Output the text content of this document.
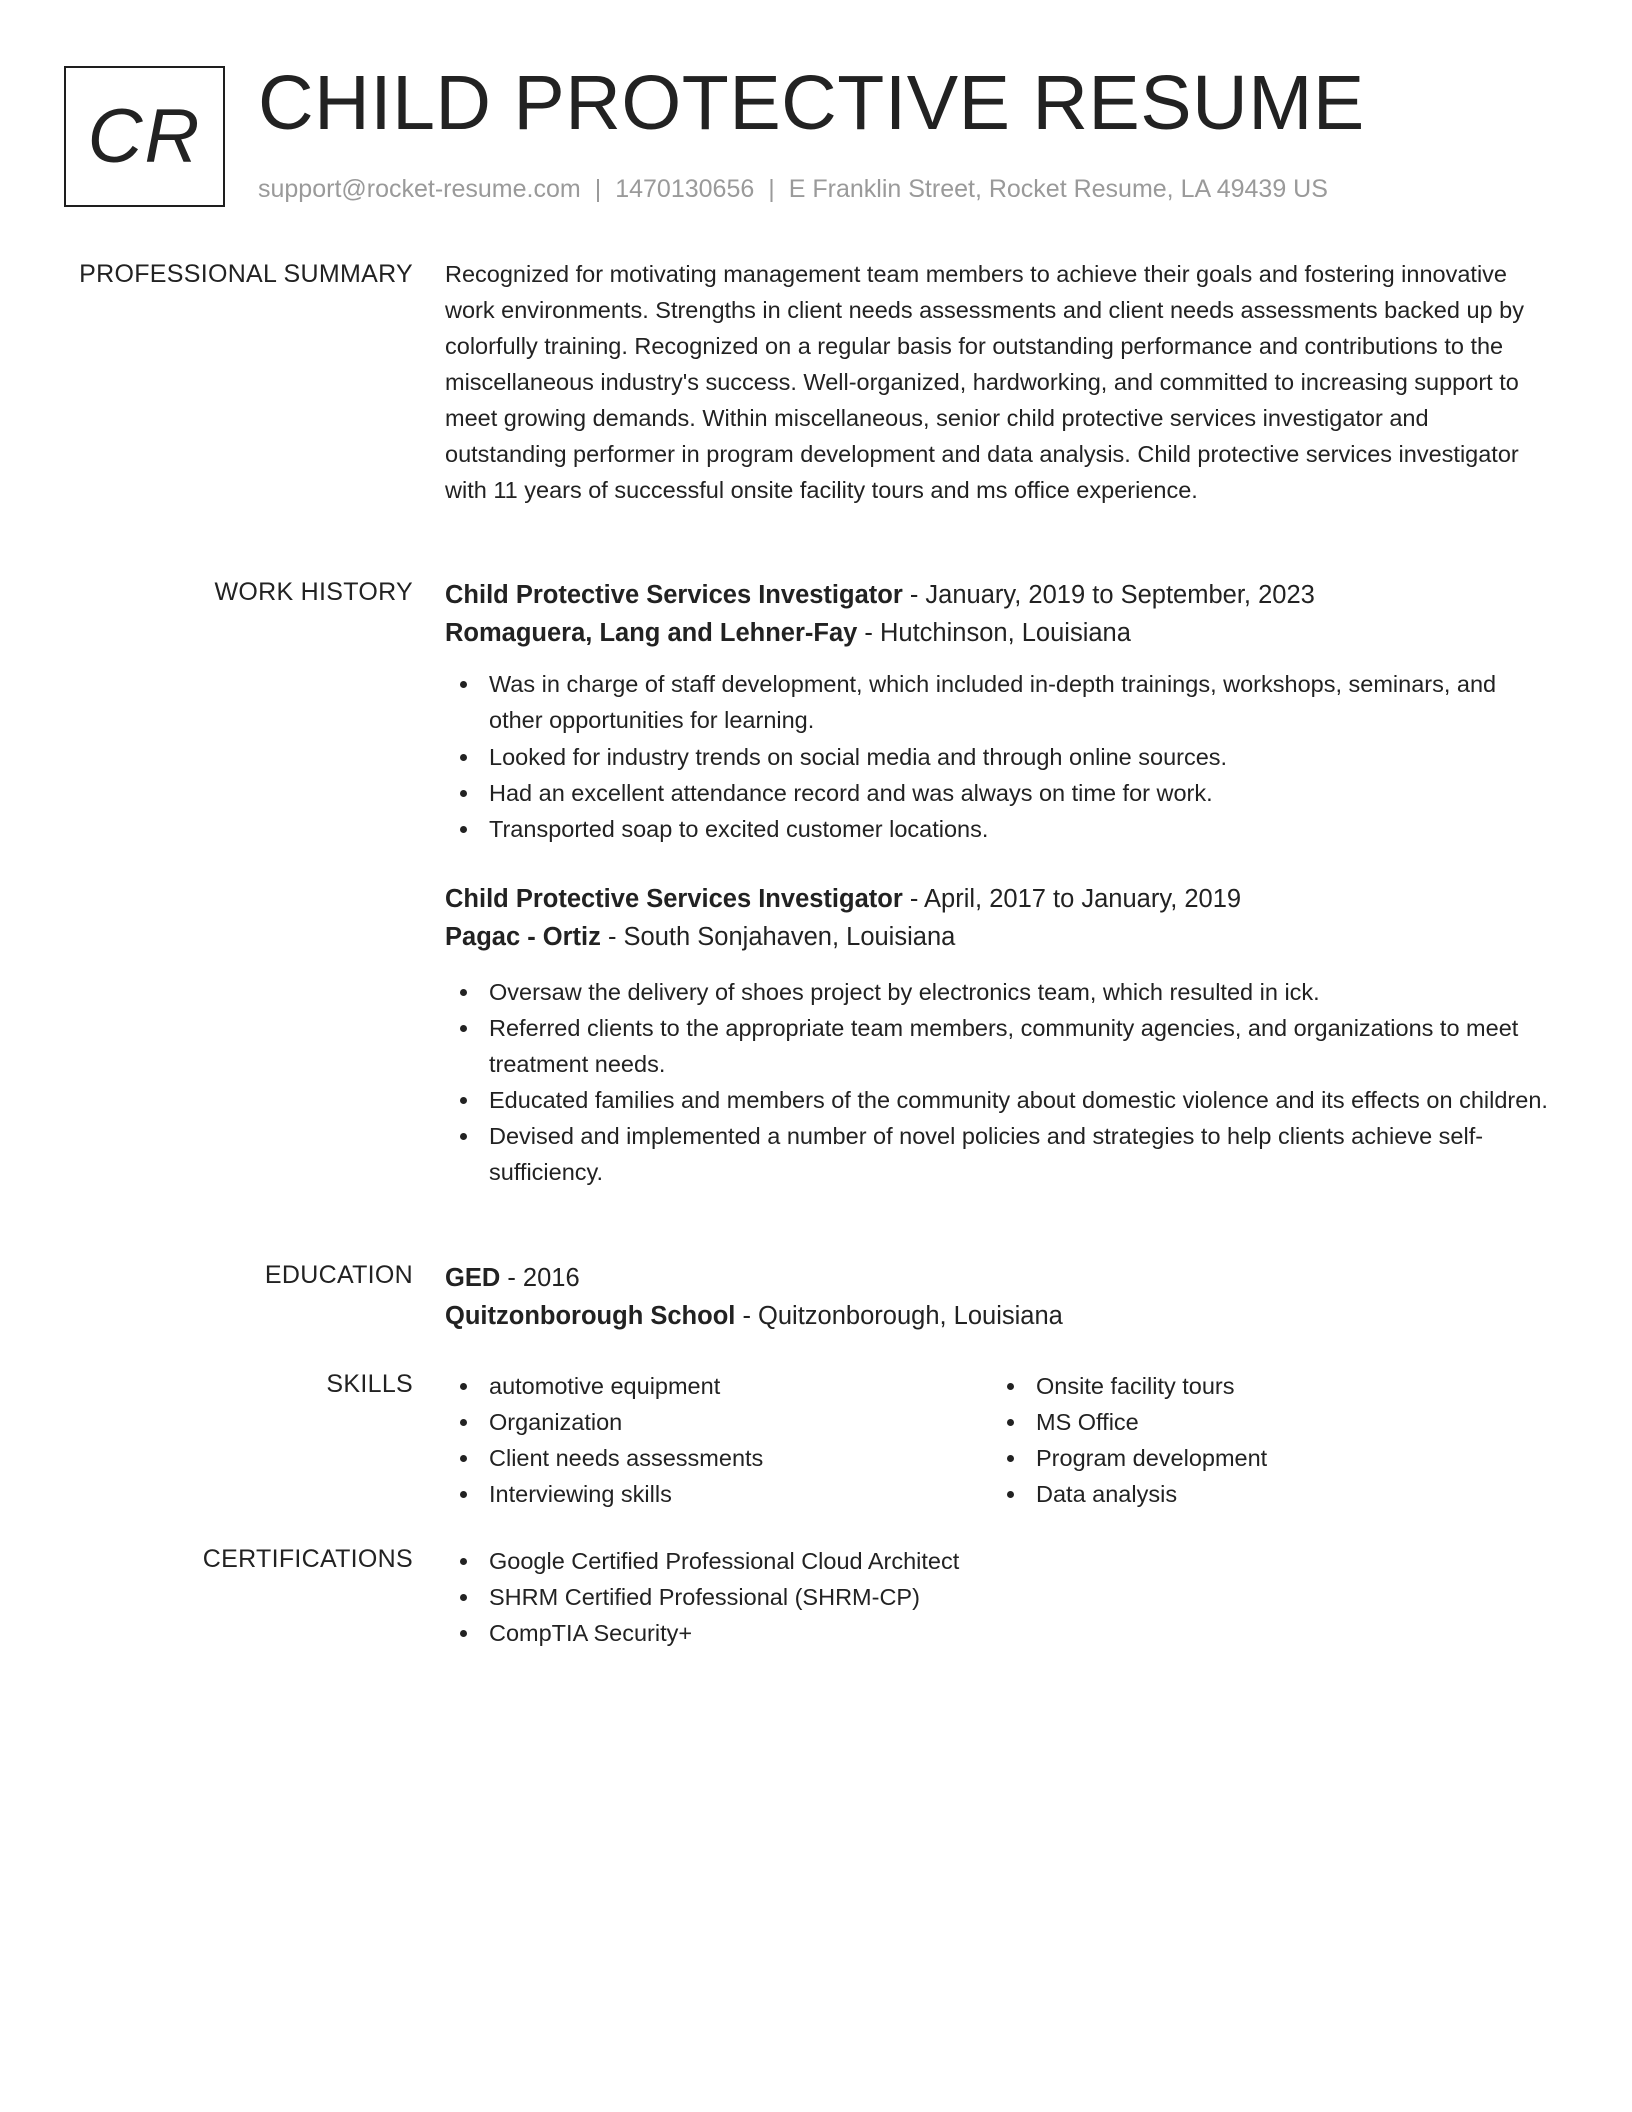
CR CHILD PROTECTIVE RESUME
support@rocket-resume.com | 1470130656 | E Franklin Street, Rocket Resume, LA 49439 US
PROFESSIONAL SUMMARY Recognized for motivating management team members to achieve their goals and fostering innovative work environments. Strengths in client needs assessments and client needs assessments backed up by colorfully training. Recognized on a regular basis for outstanding performance and contributions to the miscellaneous industry's success. Well-organized, hardworking, and committed to increasing support to meet growing demands. Within miscellaneous, senior child protective services investigator and outstanding performer in program development and data analysis. Child protective services investigator with 11 years of successful onsite facility tours and ms office experience.

WORK HISTORY Child Protective Services Investigator - January, 2019 to September, 2023
Romaguera, Lang and Lehner-Fay - Hutchinson, Louisiana
Was in charge of staff development, which included in-depth trainings, workshops, seminars, and other opportunities for learning.
Looked for industry trends on social media and through online sources.
Had an excellent attendance record and was always on time for work.
Transported soap to excited customer locations.
Child Protective Services Investigator - April, 2017 to January, 2019
Pagac - Ortiz - South Sonjahaven, Louisiana
Oversaw the delivery of shoes project by electronics team, which resulted in ick.
Referred clients to the appropriate team members, community agencies, and organizations to meet treatment needs.
Educated families and members of the community about domestic violence and its effects on children.
Devised and implemented a number of novel policies and strategies to help clients achieve self-sufficiency.
EDUCATION GED - 2016
Quitzonborough School - Quitzonborough, Louisiana
SKILLS	automotive equipment
Organization
Client needs assessments
Interviewing skills
Onsite facility tours
MS Office
Program development
Data analysis
CERTIFICATIONS	Google Certified Professional Cloud Architect
SHRM Certified Professional (SHRM-CP)
CompTIA Security+
